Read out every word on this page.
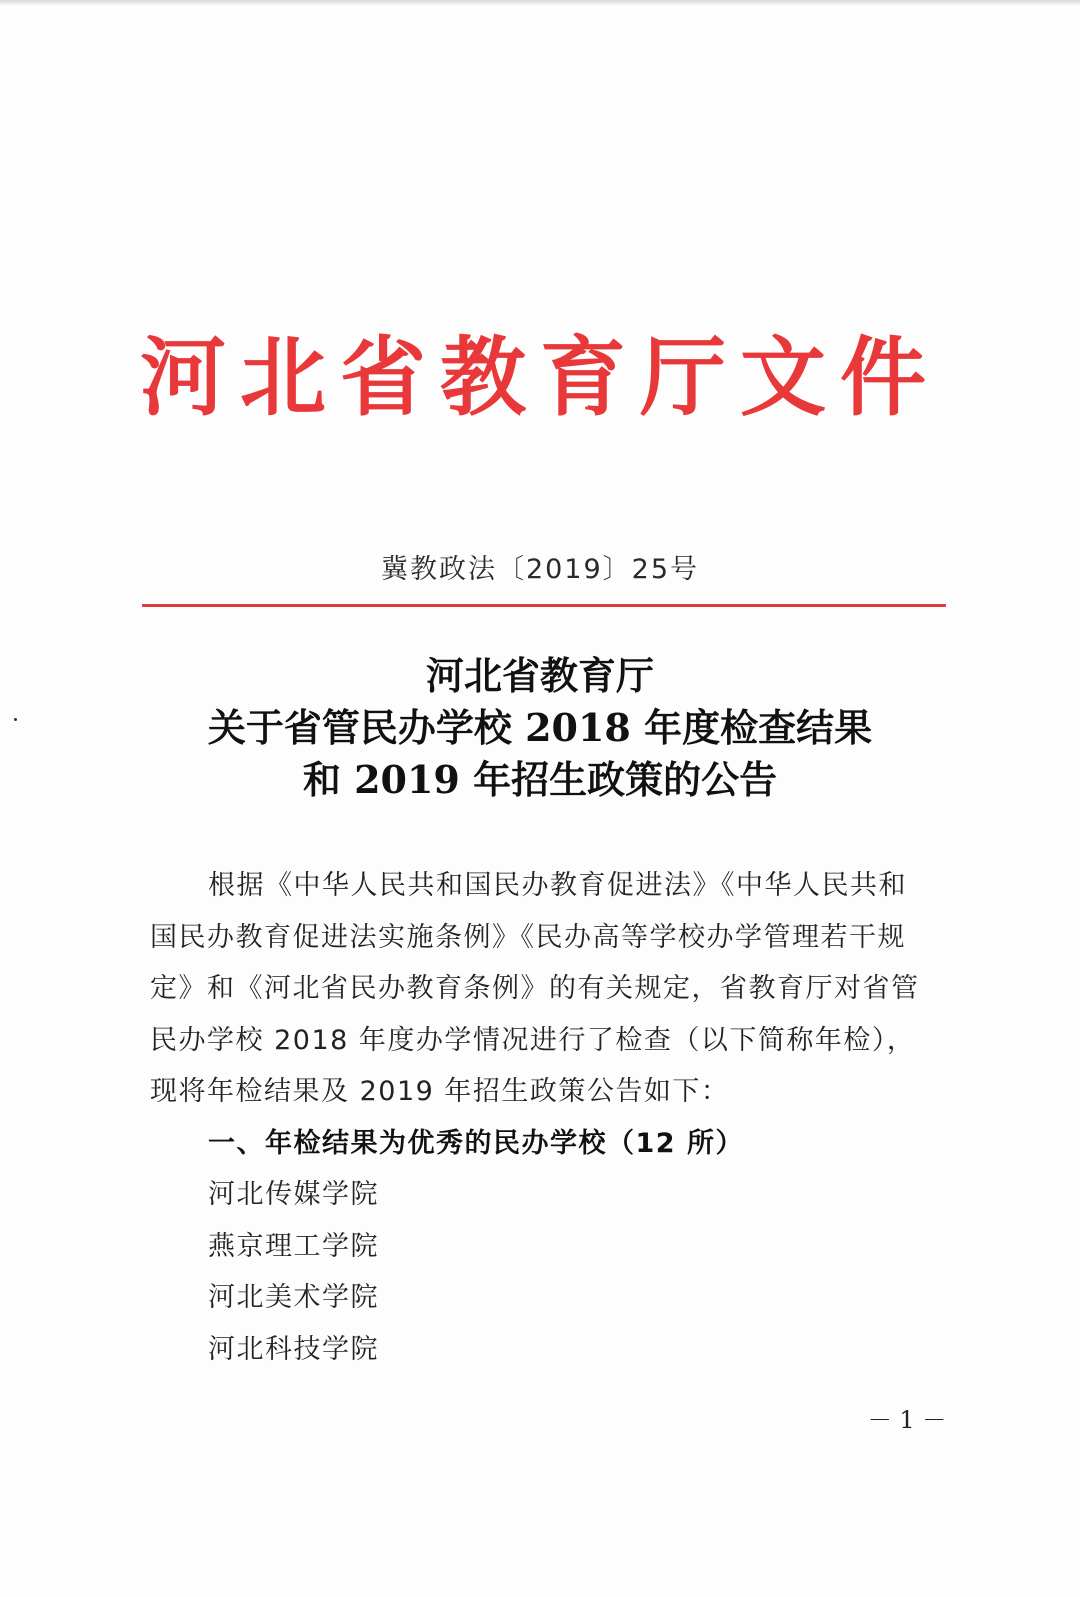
河北省教育厅文件
冀教政法〔2019〕25号
河北省教育厅
关于省管民办学校 2018 年度检查结果
和 2019 年招生政策的公告
根据《中华人民共和国民办教育促进法》《中华人民共和
国民办教育促进法实施条例》《民办高等学校办学管理若干规
定》和《河北省民办教育条例》的有关规定，省教育厅对省管
民办学校 2018 年度办学情况进行了检查（以下简称年检），
现将年检结果及 2019 年招生政策公告如下：
一、年检结果为优秀的民办学校（12 所）
河北传媒学院
燕京理工学院
河北美术学院
河北科技学院
－ 1 －
